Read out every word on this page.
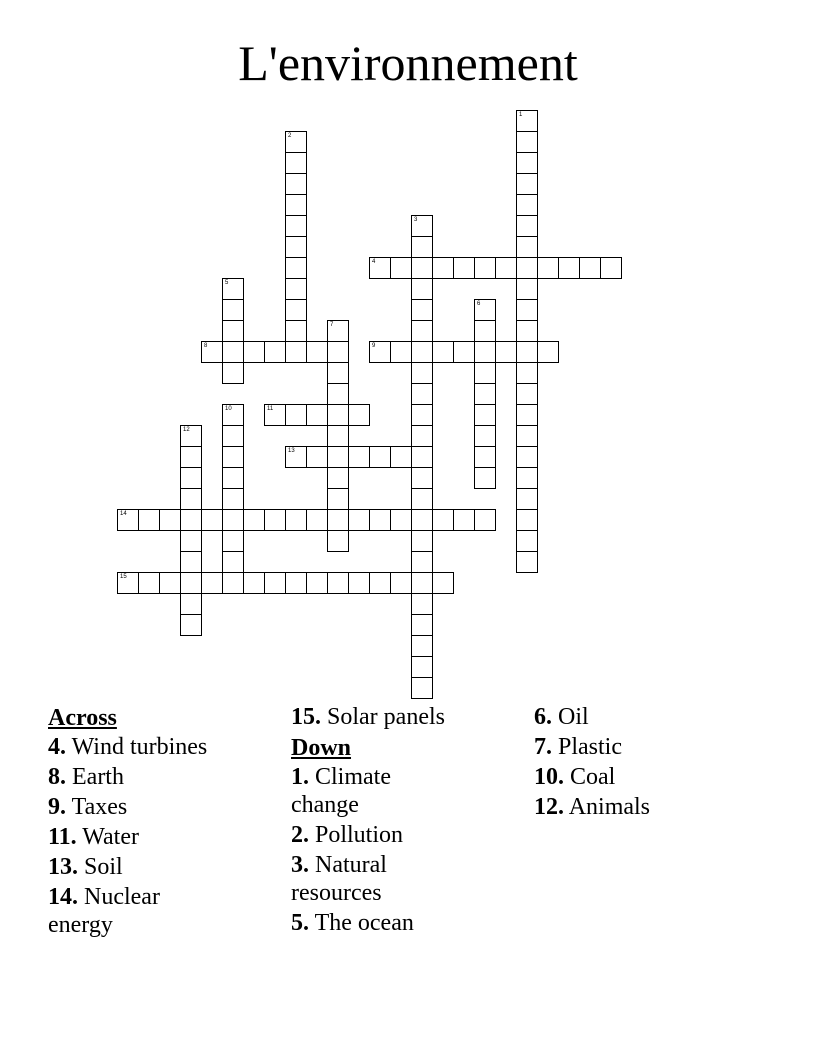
L'environnement
1
2
3
4
5
6
7
8	9
10	11
12
13
14
15
Across
4. Wind turbines
8. Earth
9. Taxes
11. Water
13. Soil
14. Nuclear energy
15. Solar panels
Down
1. Climate change
2. Pollution
3. Natural resources
5. The ocean
6. Oil
7. Plastic
10. Coal
12. Animals
